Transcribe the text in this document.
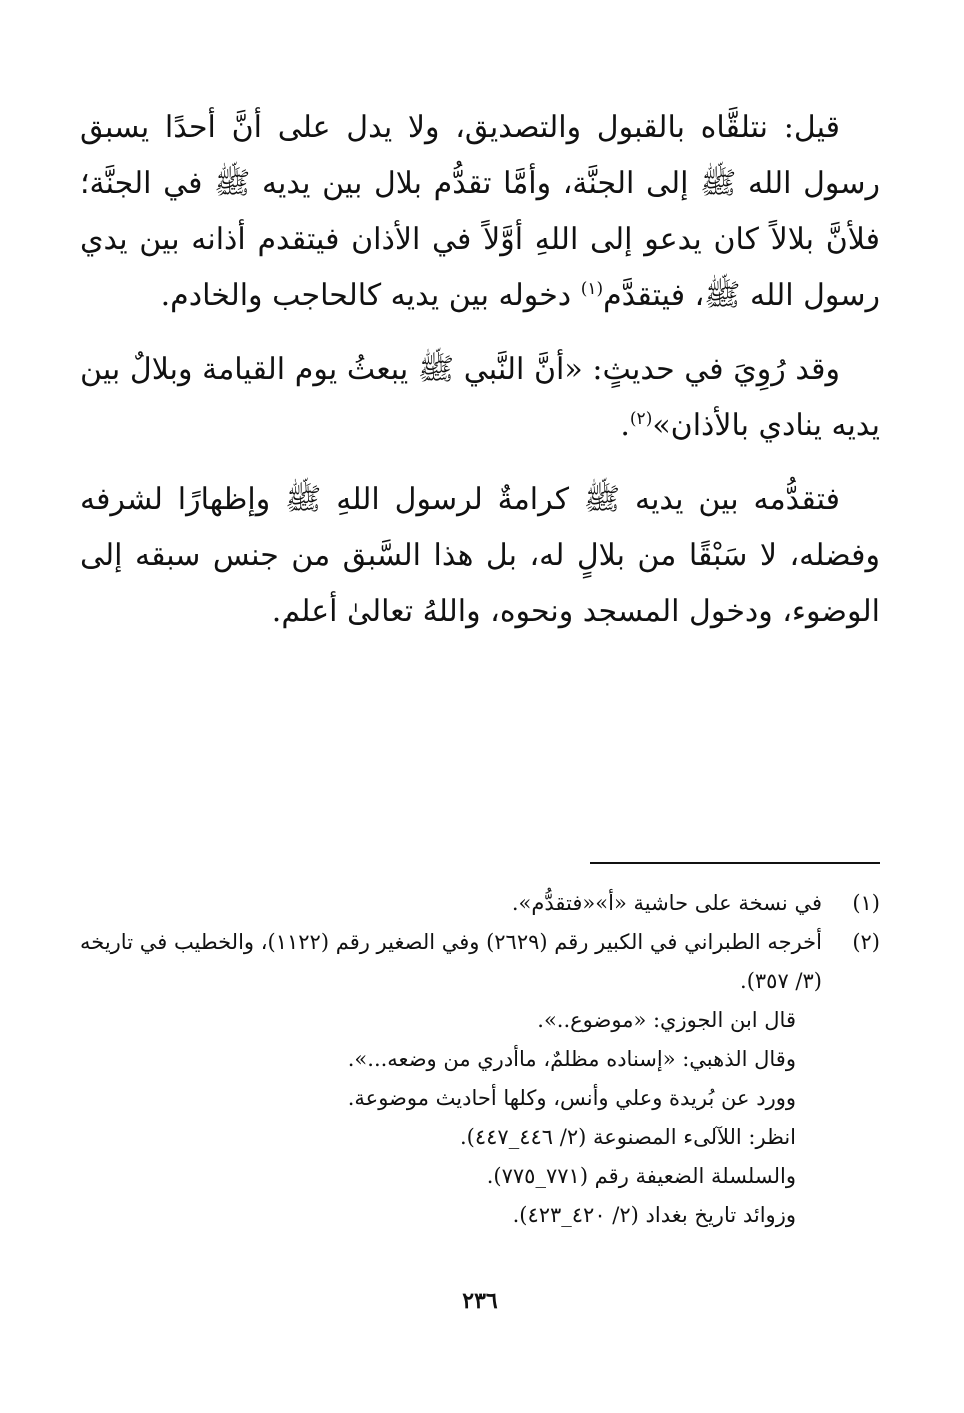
قيل: نتلقَّاه بالقبول والتصديق، ولا يدل على أنَّ أحدًا يسبق رسول الله ﷺ إلى الجنَّة، وأمَّا تقدُّم بلال بين يديه ﷺ في الجنَّة؛ فلأنَّ بلالاً كان يدعو إلى اللهِ أوَّلاً في الأذان فيتقدم أذانه بين يدي رسول الله ﷺ، فيتقدَّم$^{(١)}$ دخوله بين يديه كالحاجب والخادم.

وقد رُوِيَ في حديثٍ: «أنَّ النَّبي ﷺ يبعثُ يوم القيامة وبلالٌ بين يديه ينادي بالأذان»$^{(٢)}$.

فتقدُّمه بين يديه ﷺ كرامةٌ لرسول اللهِ ﷺ وإظهارًا لشرفه وفضله، لا سَبْقًا من بلالٍ له، بل هذا السَّبق من جنس سبقه إلى الوضوء، ودخول المسجد ونحوه، واللهُ تعالىٰ أعلم.

(١)
في نسخة على حاشية «أ»«فتقدُّم».
(٢)
أخرجه الطبراني في الكبير رقم (٢٦٢٩) وفي الصغير رقم (١١٢٢)، والخطيب في تاريخه (٣/ ٣٥٧).
قال ابن الجوزي: «موضوع..».
وقال الذهبي: «إسناده مظلمٌ، ماأدري من وضعه...».
وورد عن بُريدة وعلي وأنس، وكلها أحاديث موضوعة.
انظر: اللآلىء المصنوعة (٢/ ٤٤٦_٤٤٧).
والسلسلة الضعيفة رقم (٧٧١_٧٧٥).
وزوائد تاريخ بغداد (٢/ ٤٢٠_٤٢٣).
٢٣٦
